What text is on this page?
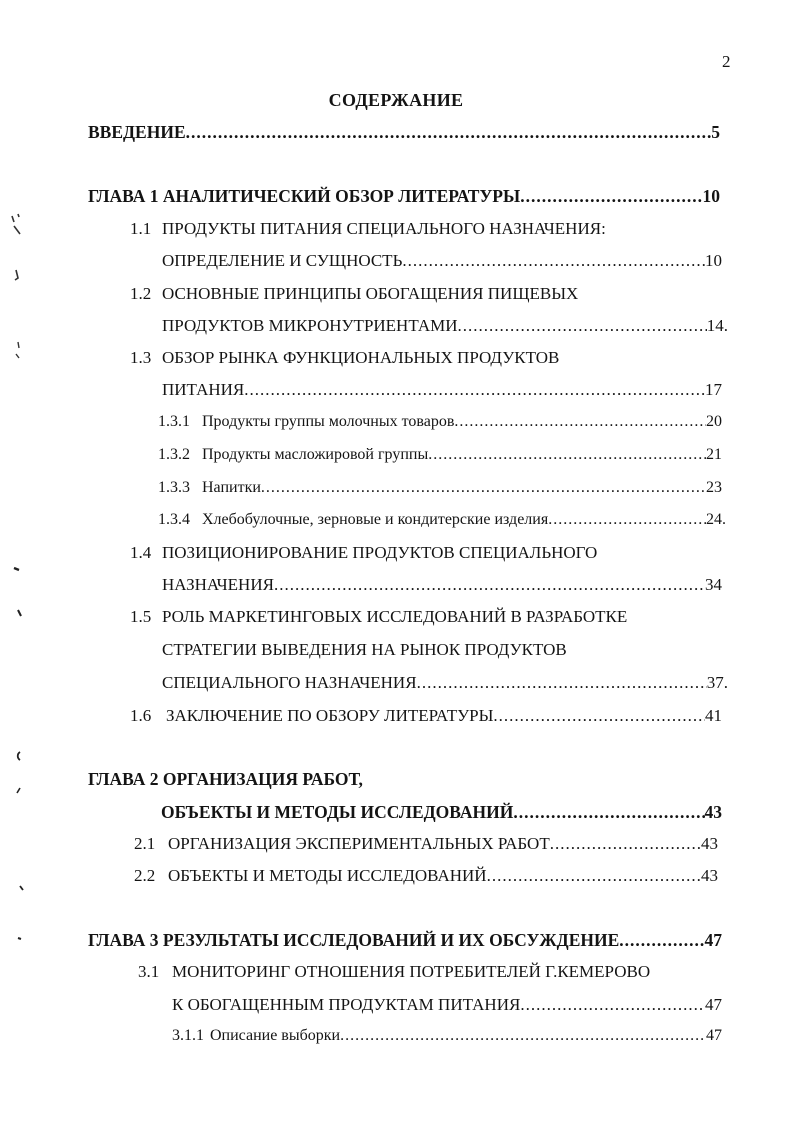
2
СОДЕРЖАНИЕ
ВВЕДЕНИЕ .....	5
ГЛАВА 1 АНАЛИТИЧЕСКИЙ ОБЗОР ЛИТЕРАТУРЫ .....	10
1.1 ПРОДУКТЫ ПИТАНИЯ СПЕЦИАЛЬНОГО НАЗНАЧЕНИЯ:
ОПРЕДЕЛЕНИЕ И СУЩНОСТЬ .....	10
1.2 ОСНОВНЫЕ ПРИНЦИПЫ ОБОГАЩЕНИЯ ПИЩЕВЫХ
ПРОДУКТОВ МИКРОНУТРИЕНТАМИ .....	14.
1.3 ОБЗОР РЫНКА ФУНКЦИОНАЛЬНЫХ ПРОДУКТОВ
ПИТАНИЯ .....	17
1.3.1 Продукты группы молочных товаров .....	20
1.3.2 Продукты масложировой группы .....	21
1.3.3 Напитки .....	23
1.3.4 Хлебобулочные, зерновые и кондитерские изделия .....	24.
1.4 ПОЗИЦИОНИРОВАНИЕ ПРОДУКТОВ СПЕЦИАЛЬНОГО
НАЗНАЧЕНИЯ .....	34
1.5 РОЛЬ МАРКЕТИНГОВЫХ ИССЛЕДОВАНИЙ В РАЗРАБОТКЕ
СТРАТЕГИИ ВЫВЕДЕНИЯ НА РЫНОК ПРОДУКТОВ
СПЕЦИАЛЬНОГО НАЗНАЧЕНИЯ .....	37.
1.6 ЗАКЛЮЧЕНИЕ ПО ОБЗОРУ ЛИТЕРАТУРЫ .....	41
ГЛАВА 2 ОРГАНИЗАЦИЯ РАБОТ,
ОБЪЕКТЫ И МЕТОДЫ ИССЛЕДОВАНИЙ .....	43
2.1 ОРГАНИЗАЦИЯ ЭКСПЕРИМЕНТАЛЬНЫХ РАБОТ .....	43
2.2 ОБЪЕКТЫ И МЕТОДЫ ИССЛЕДОВАНИЙ .....	43
ГЛАВА 3 РЕЗУЛЬТАТЫ ИССЛЕДОВАНИЙ И ИХ ОБСУЖДЕНИЕ .....	47
3.1 МОНИТОРИНГ ОТНОШЕНИЯ ПОТРЕБИТЕЛЕЙ Г.КЕМЕРОВО
К ОБОГАЩЕННЫМ ПРОДУКТАМ ПИТАНИЯ .....	47
3.1.1 Описание выборки .....	47
